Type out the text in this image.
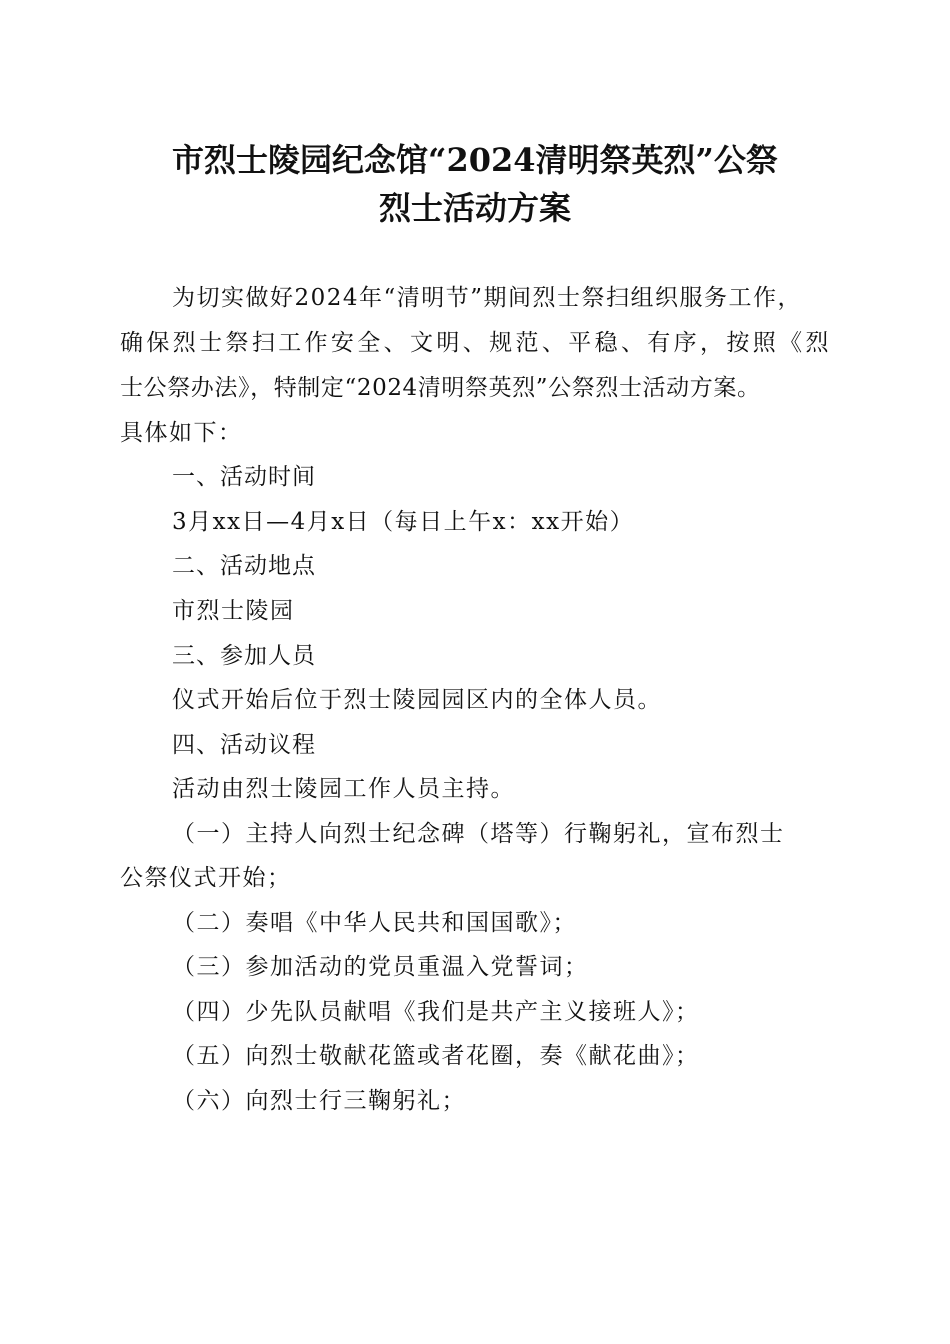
市烈士陵园纪念馆“2024清明祭英烈”公祭
烈士活动方案
为切实做好2024年“清明节”期间烈士祭扫组织服务工作，
确保烈士祭扫工作安全、文明、规范、平稳、有序，按照《烈
士公祭办法》，特制定“2024清明祭英烈”公祭烈士活动方案。
具体如下：
一、活动时间
3月xx日—4月x日（每日上午x：xx开始）
二、活动地点
市烈士陵园
三、参加人员
仪式开始后位于烈士陵园园区内的全体人员。
四、活动议程
活动由烈士陵园工作人员主持。
（一）主持人向烈士纪念碑（塔等）行鞠躬礼，宣布烈士
公祭仪式开始；
（二）奏唱《中华人民共和国国歌》；
（三）参加活动的党员重温入党誓词；
（四）少先队员献唱《我们是共产主义接班人》；
（五）向烈士敬献花篮或者花圈，奏《献花曲》；
（六）向烈士行三鞠躬礼；
